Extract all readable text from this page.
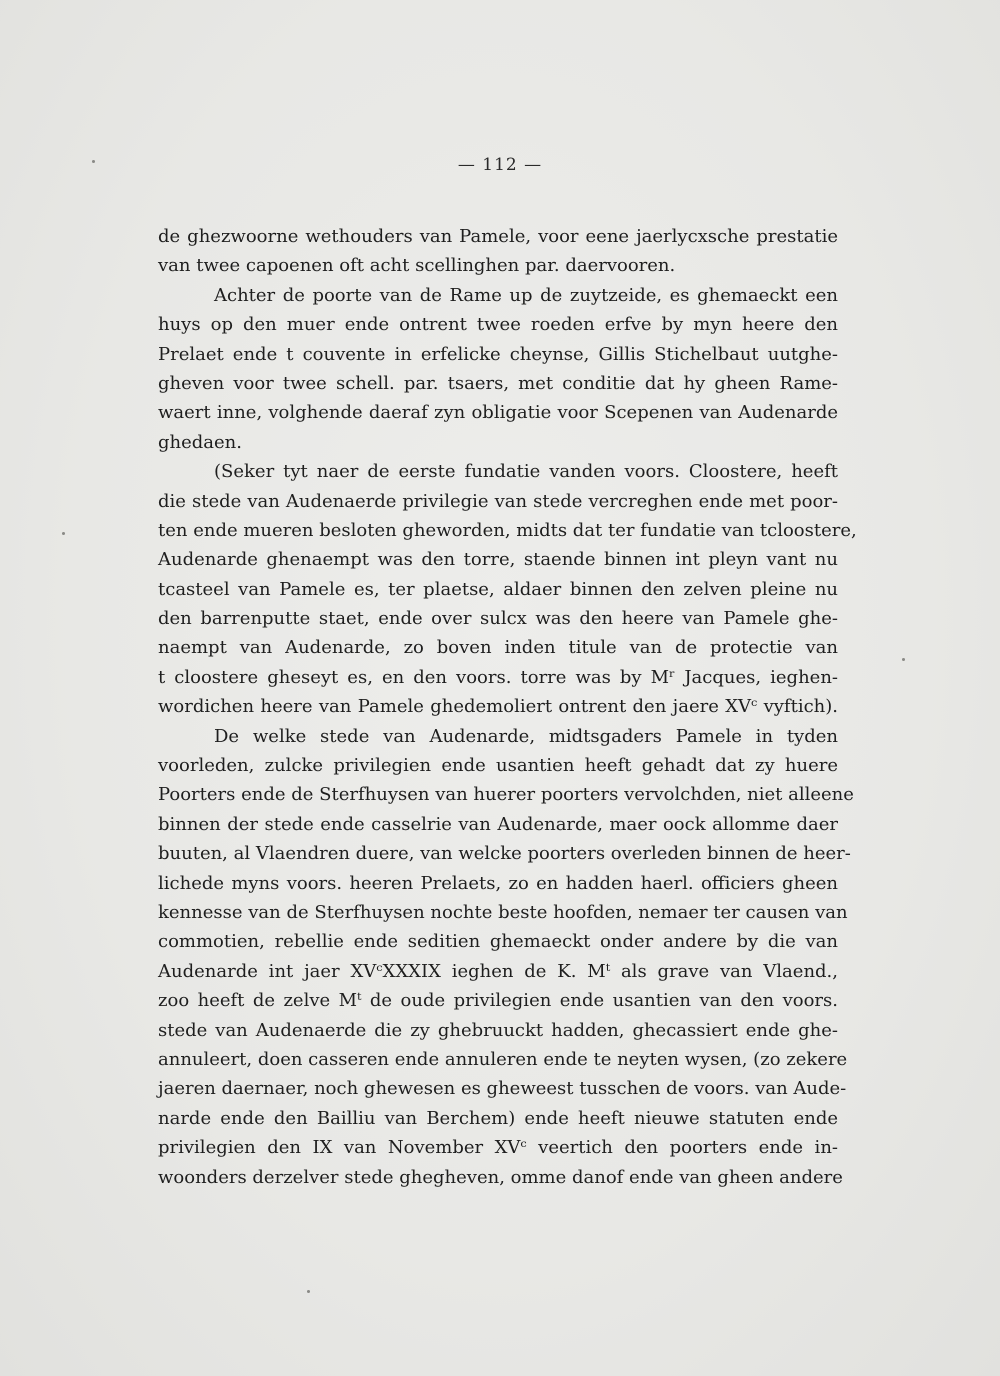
— 112 —
de ghezwoorne wethouders van Pamele, voor eene jaerlycxsche prestatie
van twee capoenen oft acht scellinghen par. daervooren.
Achter de poorte van de Rame up de zuytzeide, es ghemaeckt een
huys op den muer ende ontrent twee roeden erfve by myn heere den
Prelaet ende t couvente in erfelicke cheynse, Gillis Stichelbaut uutghe-
gheven voor twee schell. par. tsaers, met conditie dat hy gheen Rame-
waert inne, volghende daeraf zyn obligatie voor Scepenen van Audenarde
ghedaen.
(Seker tyt naer de eerste fundatie vanden voors. Cloostere, heeft
die stede van Audenaerde privilegie van stede vercreghen ende met poor-
ten ende mueren besloten gheworden, midts dat ter fundatie van tcloostere,
Audenarde ghenaempt was den torre, staende binnen int pleyn vant nu
tcasteel van Pamele es, ter plaetse, aldaer binnen den zelven pleine nu
den barrenputte staet, ende over sulcx was den heere van Pamele ghe-
naempt van Audenarde, zo boven inden titule van de protectie van
t cloostere gheseyt es, en den voors. torre was by Mʳ Jacques, ieghen-
wordichen heere van Pamele ghedemoliert ontrent den jaere XVᶜ vyftich).
De welke stede van Audenarde, midtsgaders Pamele in tyden
voorleden, zulcke privilegien ende usantien heeft gehadt dat zy huere
Poorters ende de Sterfhuysen van huerer poorters vervolchden, niet alleene
binnen der stede ende casselrie van Audenarde, maer oock allomme daer
buuten, al Vlaendren duere, van welcke poorters overleden binnen de heer-
lichede myns voors. heeren Prelaets, zo en hadden haerl. officiers gheen
kennesse van de Sterfhuysen nochte beste hoofden, nemaer ter causen van
commotien, rebellie ende seditien ghemaeckt onder andere by die van
Audenarde int jaer XVᶜXXXIX ieghen de K. Mᵗ als grave van Vlaend.,
zoo heeft de zelve Mᵗ de oude privilegien ende usantien van den voors.
stede van Audenaerde die zy ghebruuckt hadden, ghecassiert ende ghe-
annuleert, doen casseren ende annuleren ende te neyten wysen, (zo zekere
jaeren daernaer, noch ghewesen es gheweest tusschen de voors. van Aude-
narde ende den Bailliu van Berchem) ende heeft nieuwe statuten ende
privilegien den IX van November XVᶜ veertich den poorters ende in-
woonders derzelver stede ghegheven, omme danof ende van gheen andere
